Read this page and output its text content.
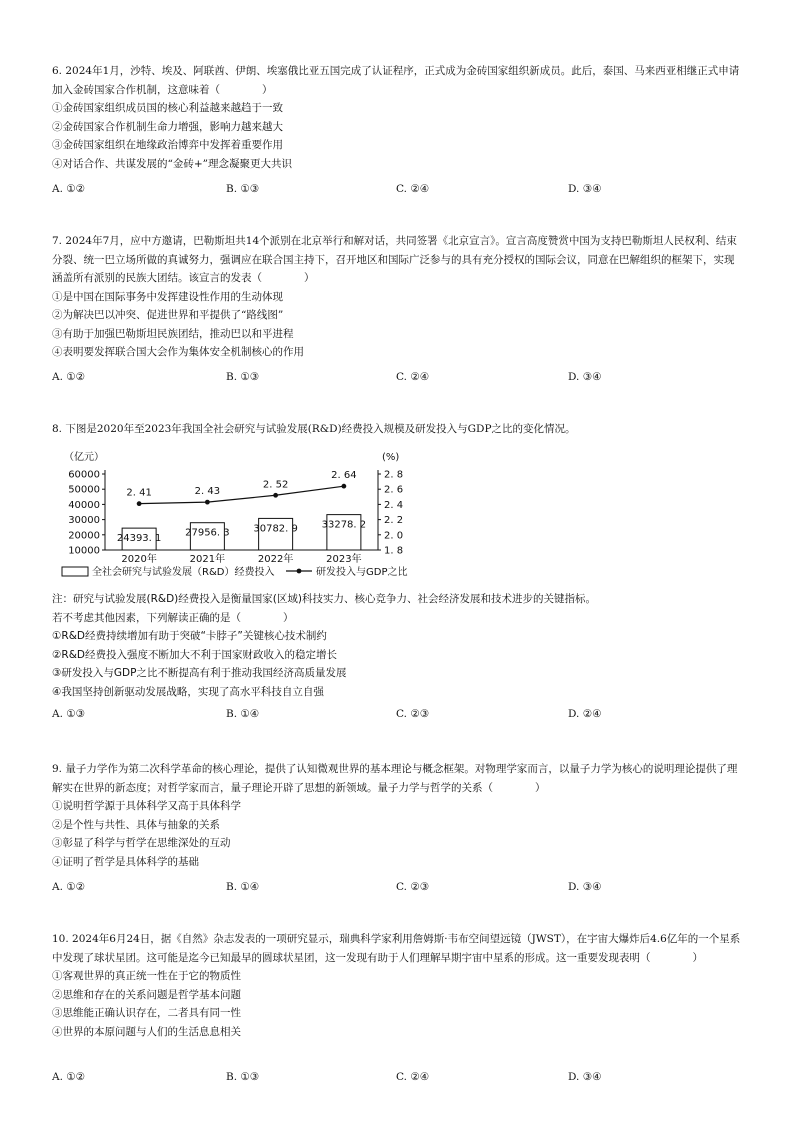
6. 2024年1月，沙特、埃及、阿联酋、伊朗、埃塞俄比亚五国完成了认证程序，正式成为金砖国家组织新成员。此后，泰国、马来西亚相继正式申请加入金砖国家合作机制，这意味着（　　　　）

①金砖国家组织成员国的核心利益越来越趋于一致

②金砖国家合作机制生命力增强，影响力越来越大

③金砖国家组织在地缘政治博弈中发挥着重要作用

④对话合作、共谋发展的“金砖+”理念凝聚更大共识

A. ①②	B. ①③	C. ②④	D. ③④

7. 2024年7月，应中方邀请，巴勒斯坦共14个派别在北京举行和解对话，共同签署《北京宣言》。宣言高度赞赏中国为支持巴勒斯坦人民权利、结束分裂、统一巴立场所做的真诚努力，强调应在联合国主持下，召开地区和国际广泛参与的具有充分授权的国际会议，同意在巴解组织的框架下，实现涵盖所有派别的民族大团结。该宣言的发表（　　　　）

①是中国在国际事务中发挥建设性作用的生动体现

②为解决巴以冲突、促进世界和平提供了“路线图”

③有助于加强巴勒斯坦民族团结，推动巴以和平进程

④表明要发挥联合国大会作为集体安全机制核心的作用

A. ①②	B. ①③	C. ②④	D. ③④

8. 下图是2020年至2023年我国全社会研究与试验发展(R&D)经费投入规模及研发投入与GDP之比的变化情况。

（亿元）	(%)
60000
50000
40000
30000
20000
10000
2. 8
2. 6
2. 4
2. 2
2. 0
1. 8
24393. 1 27956. 3 30782. 9 33278. 2
2. 41	2. 43
2. 52
2. 64
2020年	2021年	2022年	2023年
全社会研究与试验发展（R&D）经费投入	研发投入与GDP之比

注：研究与试验发展(R&D)经费投入是衡量国家(区域)科技实力、核心竞争力、社会经济发展和技术进步的关键指标。

若不考虑其他因素，下列解读正确的是（　　　　）

①R&D经费持续增加有助于突破“卡脖子”关键核心技术制约

②R&D经费投入强度不断加大不利于国家财政收入的稳定增长

③研发投入与GDP之比不断提高有利于推动我国经济高质量发展

④我国坚持创新驱动发展战略，实现了高水平科技自立自强

A. ①③	B. ①④	C. ②③	D. ②④

9. 量子力学作为第二次科学革命的核心理论，提供了认知微观世界的基本理论与概念框架。对物理学家而言，以量子力学为核心的说明理论提供了理解实在世界的新态度；对哲学家而言，量子理论开辟了思想的新领域。量子力学与哲学的关系（　　　　）

①说明哲学源于具体科学又高于具体科学

②是个性与共性、具体与抽象的关系

③彰显了科学与哲学在思维深处的互动

④证明了哲学是具体科学的基础

A. ①②	B. ①④	C. ②③	D. ③④

10. 2024年6月24日，据《自然》杂志发表的一项研究显示，瑞典科学家利用詹姆斯·韦布空间望远镜（JWST），在宇宙大爆炸后4.6亿年的一个星系中发现了球状星团。这可能是迄今已知最早的圆球状星团，这一发现有助于人们理解早期宇宙中星系的形成。这一重要发现表明（　　　　）

①客观世界的真正统一性在于它的物质性

②思维和存在的关系问题是哲学基本问题

③思维能正确认识存在，二者具有同一性

④世界的本原问题与人们的生活息息相关

A. ①②	B. ①③	C. ②④	D. ③④
